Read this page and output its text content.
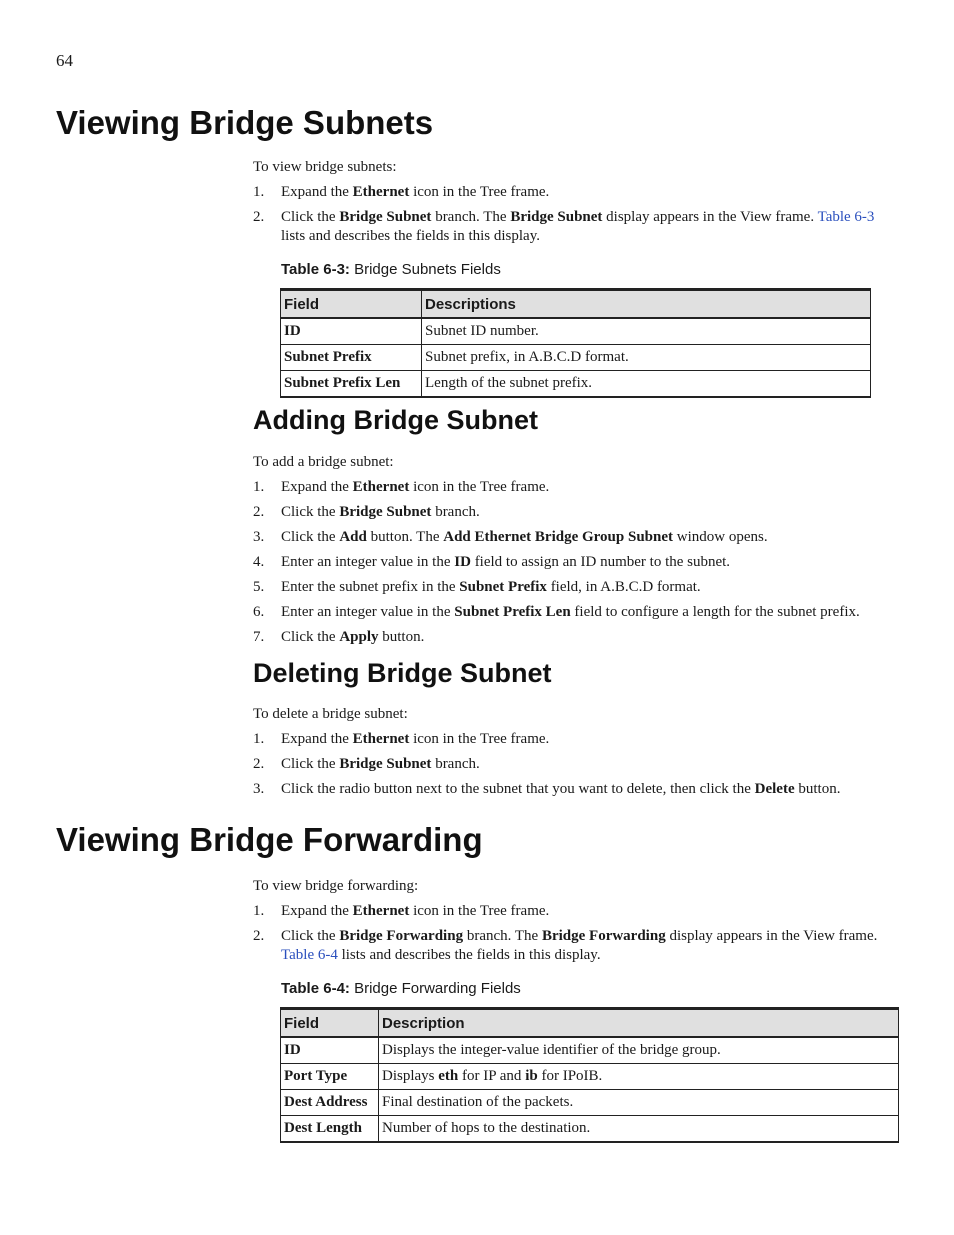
64
Viewing Bridge Subnets
To view bridge subnets:
1. Expand the Ethernet icon in the Tree frame.
2. Click the Bridge Subnet branch. The Bridge Subnet display appears in the View frame. Table 6-3 lists and describes the fields in this display.
Table 6-3: Bridge Subnets Fields
Field	Descriptions
ID	Subnet ID number.
Subnet Prefix	Subnet prefix, in A.B.C.D format.
Subnet Prefix Len	Length of the subnet prefix.
Adding Bridge Subnet
To add a bridge subnet:
1. Expand the Ethernet icon in the Tree frame.
2. Click the Bridge Subnet branch.
3. Click the Add button. The Add Ethernet Bridge Group Subnet window opens.
4. Enter an integer value in the ID field to assign an ID number to the subnet.
5. Enter the subnet prefix in the Subnet Prefix field, in A.B.C.D format.
6. Enter an integer value in the Subnet Prefix Len field to configure a length for the subnet prefix.
7. Click the Apply button.
Deleting Bridge Subnet
To delete a bridge subnet:
1. Expand the Ethernet icon in the Tree frame.
2. Click the Bridge Subnet branch.
3. Click the radio button next to the subnet that you want to delete, then click the Delete button.
Viewing Bridge Forwarding
To view bridge forwarding:
1. Expand the Ethernet icon in the Tree frame.
2. Click the Bridge Forwarding branch. The Bridge Forwarding display appears in the View frame. Table 6-4 lists and describes the fields in this display.
Table 6-4: Bridge Forwarding Fields
Field	Description
ID	Displays the integer-value identifier of the bridge group.
Port Type	Displays eth for IP and ib for IPoIB.
Dest Address	Final destination of the packets.
Dest Length	Number of hops to the destination.
